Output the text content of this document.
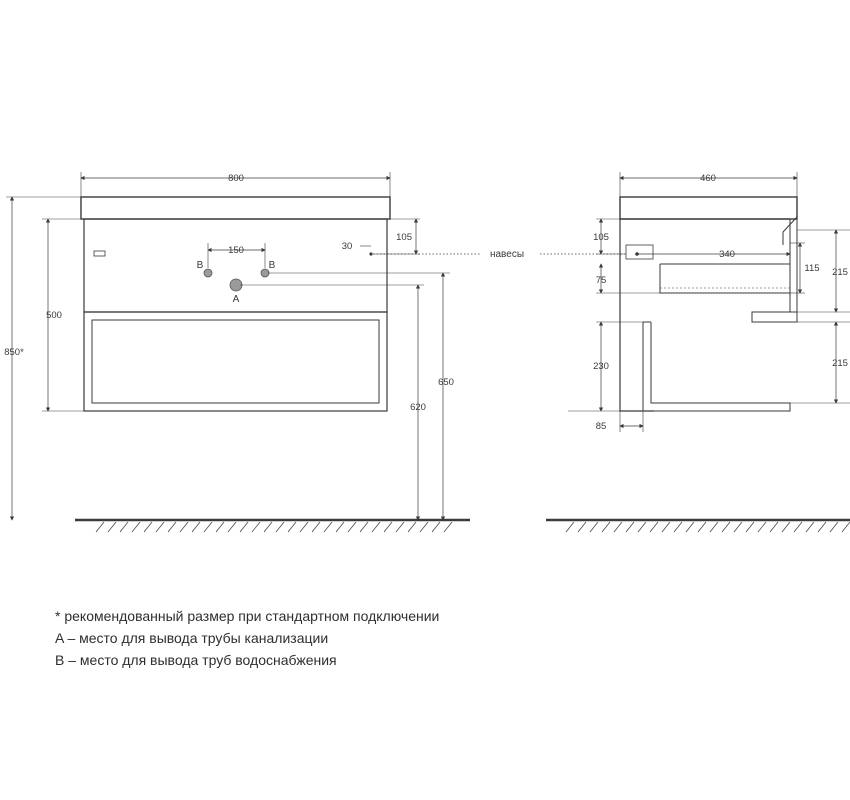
800
150
B	B
A
30
105
навесы
500
850*
620
650
460
340
105
75
230
85
115 215
215
* рекомендованный размер при стандартном подключении
A – место для вывода трубы канализации
B – место для вывода труб водоснабжения
